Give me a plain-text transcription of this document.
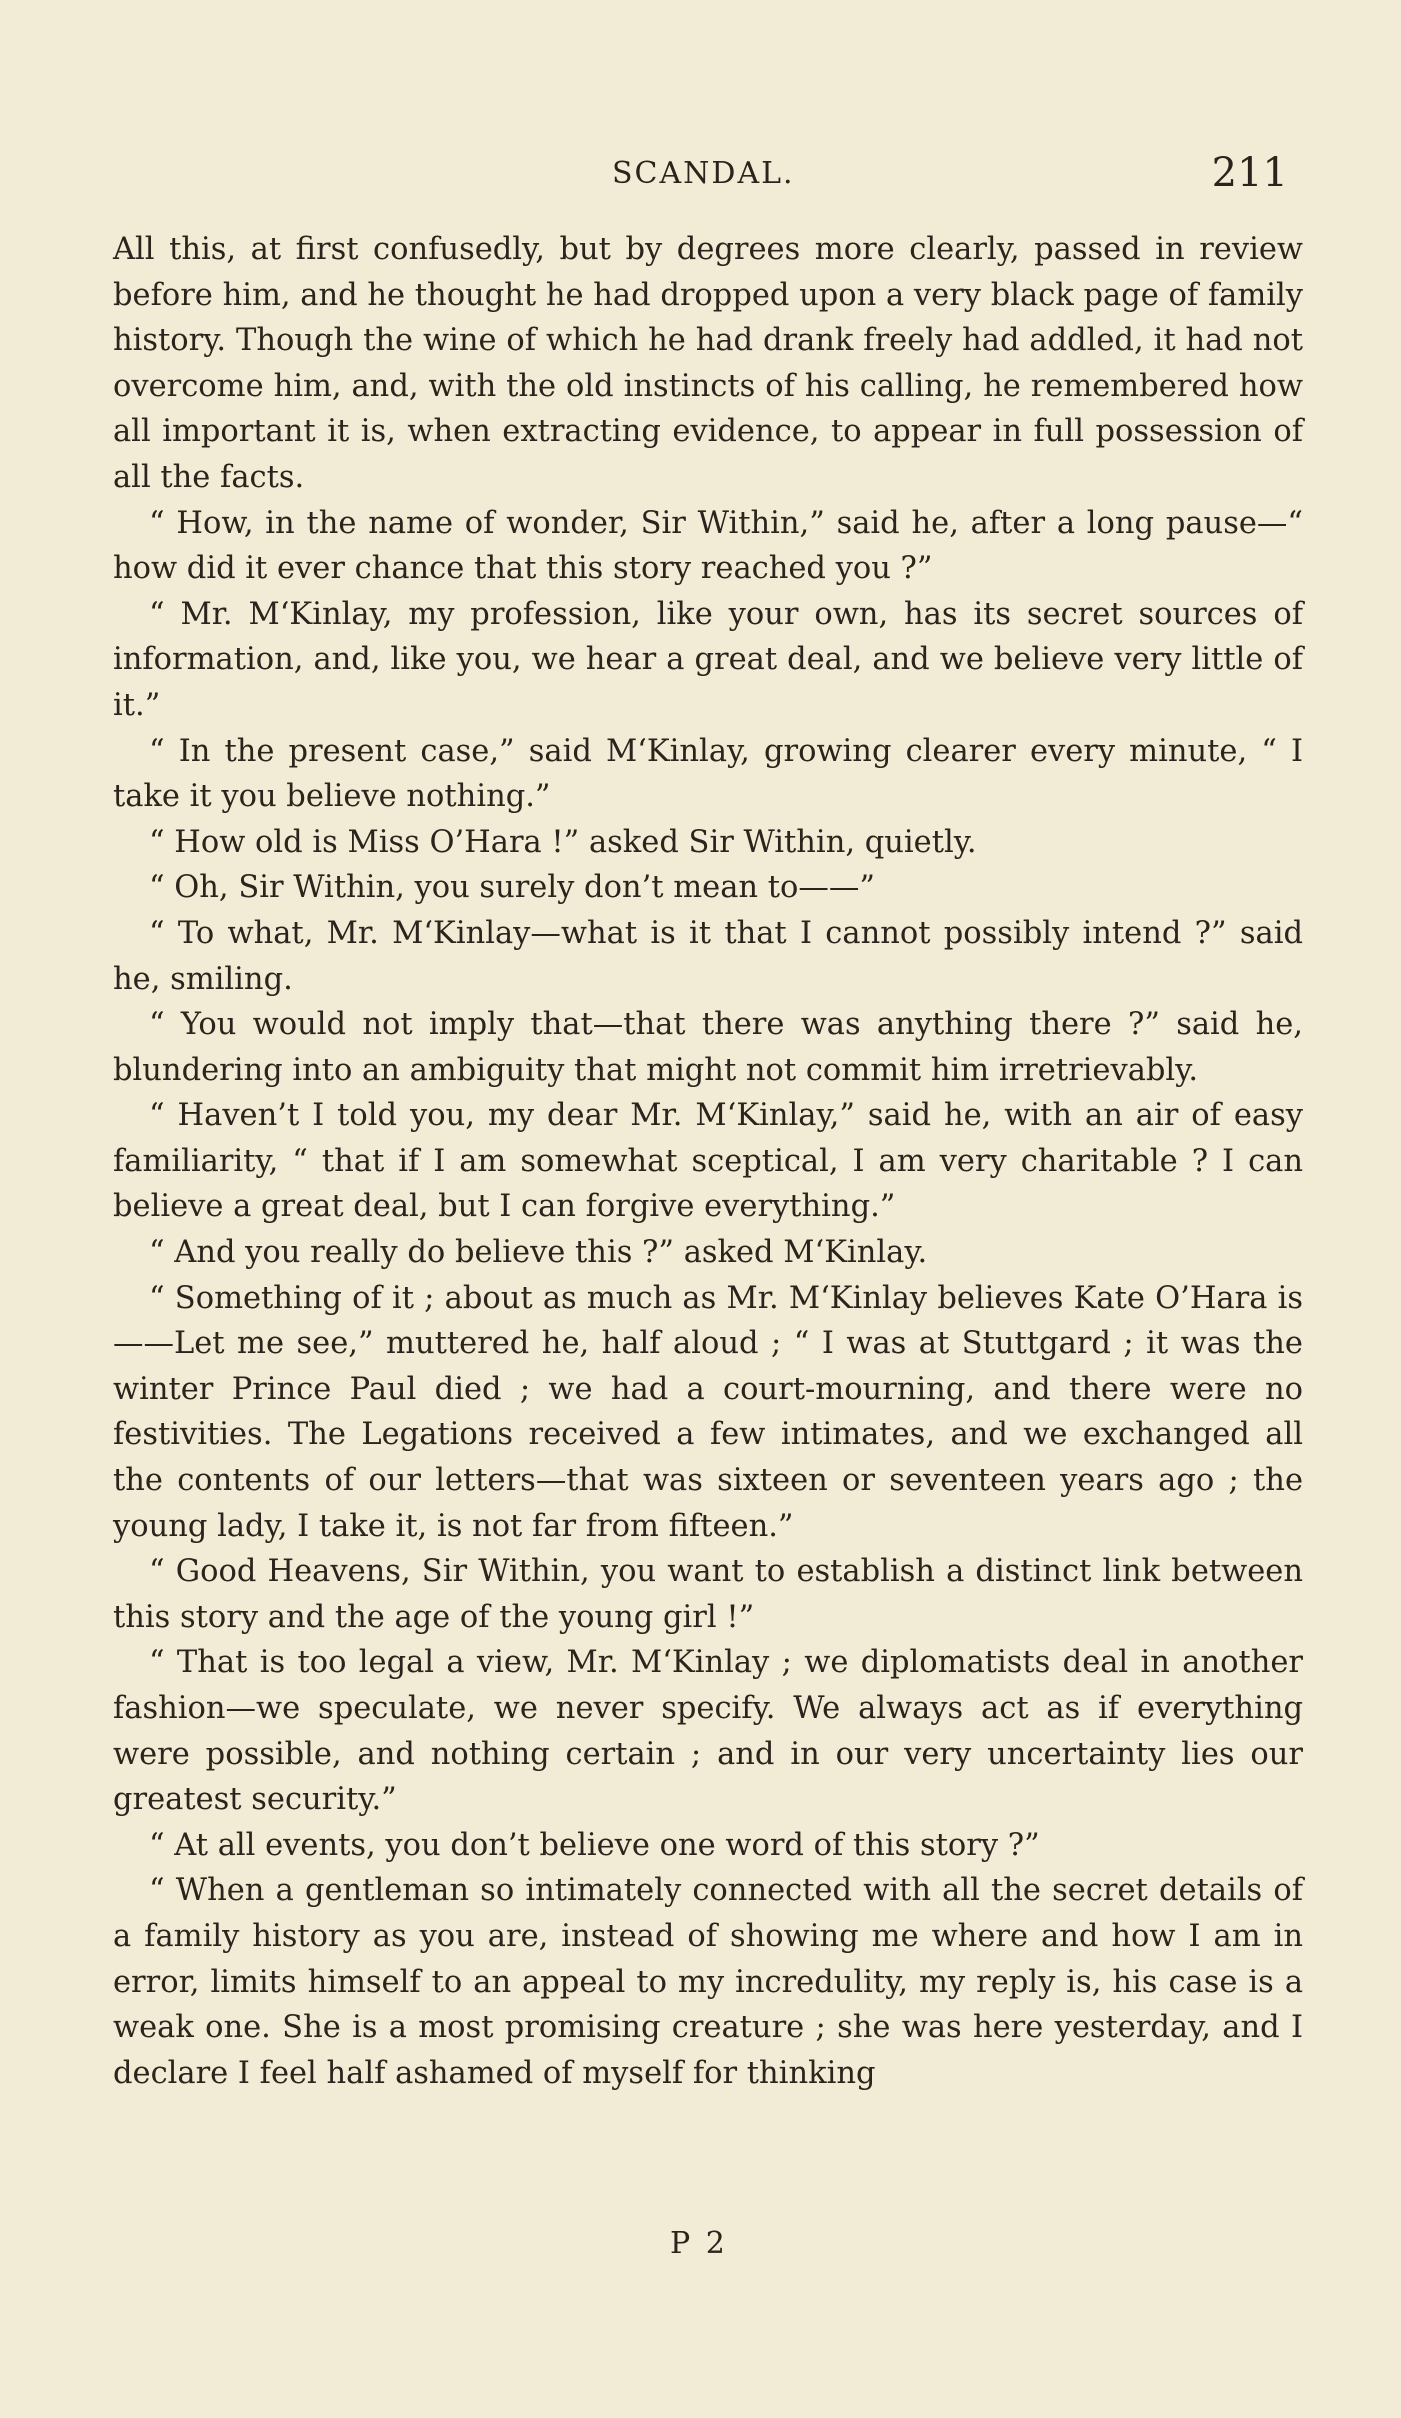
SCANDAL.	211

All this, at first confusedly, but by degrees more clearly, passed in review before him, and he thought he had dropped upon a very black page of family history. Though the wine of which he had drank freely had addled, it had not overcome him, and, with the old instincts of his calling, he remembered how all important it is, when extracting evidence, to appear in full possession of all the facts.

“ How, in the name of wonder, Sir Within,” said he, after a long pause—“ how did it ever chance that this story reached you ?”

“ Mr. M‘Kinlay, my profession, like your own, has its secret sources of information, and, like you, we hear a great deal, and we believe very little of it.”

“ In the present case,” said M‘Kinlay, growing clearer every minute, “ I take it you believe nothing.”

“ How old is Miss O’Hara !” asked Sir Within, quietly.

“ Oh, Sir Within, you surely don’t mean to——”

“ To what, Mr. M‘Kinlay—what is it that I cannot possibly intend ?” said he, smiling.

“ You would not imply that—that there was anything there ?” said he, blundering into an ambiguity that might not commit him irretrievably.

“ Haven’t I told you, my dear Mr. M‘Kinlay,” said he, with an air of easy familiarity, “ that if I am somewhat sceptical, I am very charitable ? I can believe a great deal, but I can forgive everything.”

“ And you really do believe this ?” asked M‘Kinlay.

“ Something of it ; about as much as Mr. M‘Kinlay believes Kate O’Hara is——Let me see,” muttered he, half aloud ; “ I was at Stuttgard ; it was the winter Prince Paul died ; we had a court-mourning, and there were no festivities. The Legations received a few intimates, and we exchanged all the contents of our letters—that was sixteen or seventeen years ago ; the young lady, I take it, is not far from fifteen.”

“ Good Heavens, Sir Within, you want to establish a distinct link between this story and the age of the young girl !”

“ That is too legal a view, Mr. M‘Kinlay ; we diplomatists deal in another fashion—we speculate, we never specify. We always act as if everything were possible, and nothing certain ; and in our very uncertainty lies our greatest security.”

“ At all events, you don’t believe one word of this story ?”

“ When a gentleman so intimately connected with all the secret details of a family history as you are, instead of showing me where and how I am in error, limits himself to an appeal to my incredulity, my reply is, his case is a weak one. She is a most promising creature ; she was here yesterday, and I declare I feel half ashamed of myself for thinking

P 2
